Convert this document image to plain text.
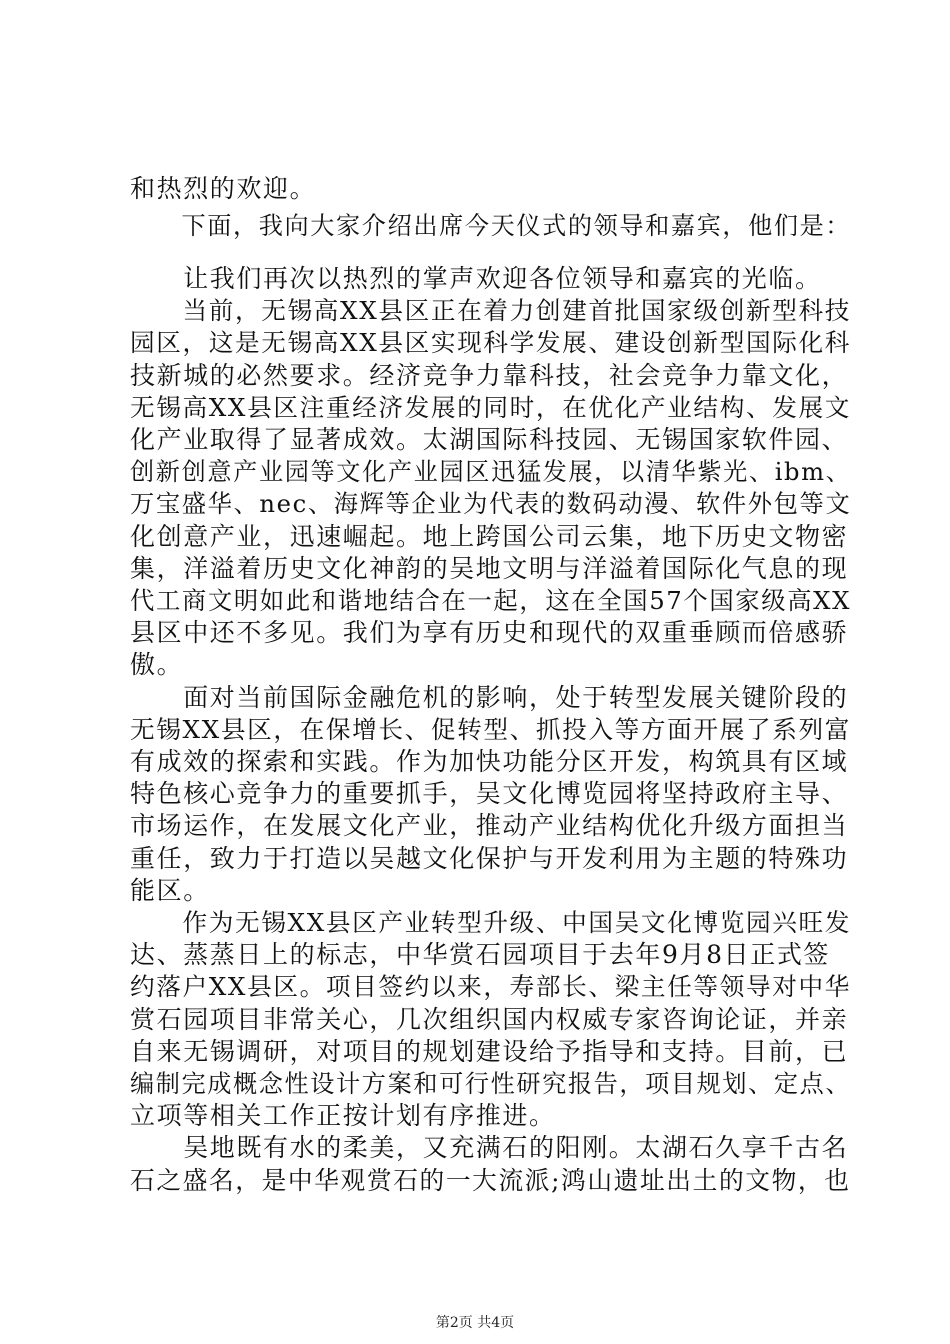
和热烈的欢迎。
　　下面，我向大家介绍出席今天仪式的领导和嘉宾，他们是：
　　让我们再次以热烈的掌声欢迎各位领导和嘉宾的光临。
　　当前，无锡高XX县区正在着力创建首批国家级创新型科技
园区，这是无锡高XX县区实现科学发展、建设创新型国际化科
技新城的必然要求。经济竞争力靠科技，社会竞争力靠文化，
无锡高XX县区注重经济发展的同时，在优化产业结构、发展文
化产业取得了显著成效。太湖国际科技园、无锡国家软件园、
创新创意产业园等文化产业园区迅猛发展，以清华紫光、ibm、
万宝盛华、nec、海辉等企业为代表的数码动漫、软件外包等文
化创意产业，迅速崛起。地上跨国公司云集，地下历史文物密
集，洋溢着历史文化神韵的吴地文明与洋溢着国际化气息的现
代工商文明如此和谐地结合在一起，这在全国57个国家级高XX
县区中还不多见。我们为享有历史和现代的双重垂顾而倍感骄
傲。
　　面对当前国际金融危机的影响，处于转型发展关键阶段的
无锡XX县区，在保增长、促转型、抓投入等方面开展了系列富
有成效的探索和实践。作为加快功能分区开发，构筑具有区域
特色核心竞争力的重要抓手，吴文化博览园将坚持政府主导、
市场运作，在发展文化产业，推动产业结构优化升级方面担当
重任，致力于打造以吴越文化保护与开发利用为主题的特殊功
能区。
　　作为无锡XX县区产业转型升级、中国吴文化博览园兴旺发
达、蒸蒸日上的标志，中华赏石园项目于去年9月8日正式签
约落户XX县区。项目签约以来，寿部长、梁主任等领导对中华
赏石园项目非常关心，几次组织国内权威专家咨询论证，并亲
自来无锡调研，对项目的规划建设给予指导和支持。目前，已
编制完成概念性设计方案和可行性研究报告，项目规划、定点、
立项等相关工作正按计划有序推进。
　　吴地既有水的柔美，又充满石的阳刚。太湖石久享千古名
石之盛名，是中华观赏石的一大流派;鸿山遗址出土的文物，也
第2页 共4页
